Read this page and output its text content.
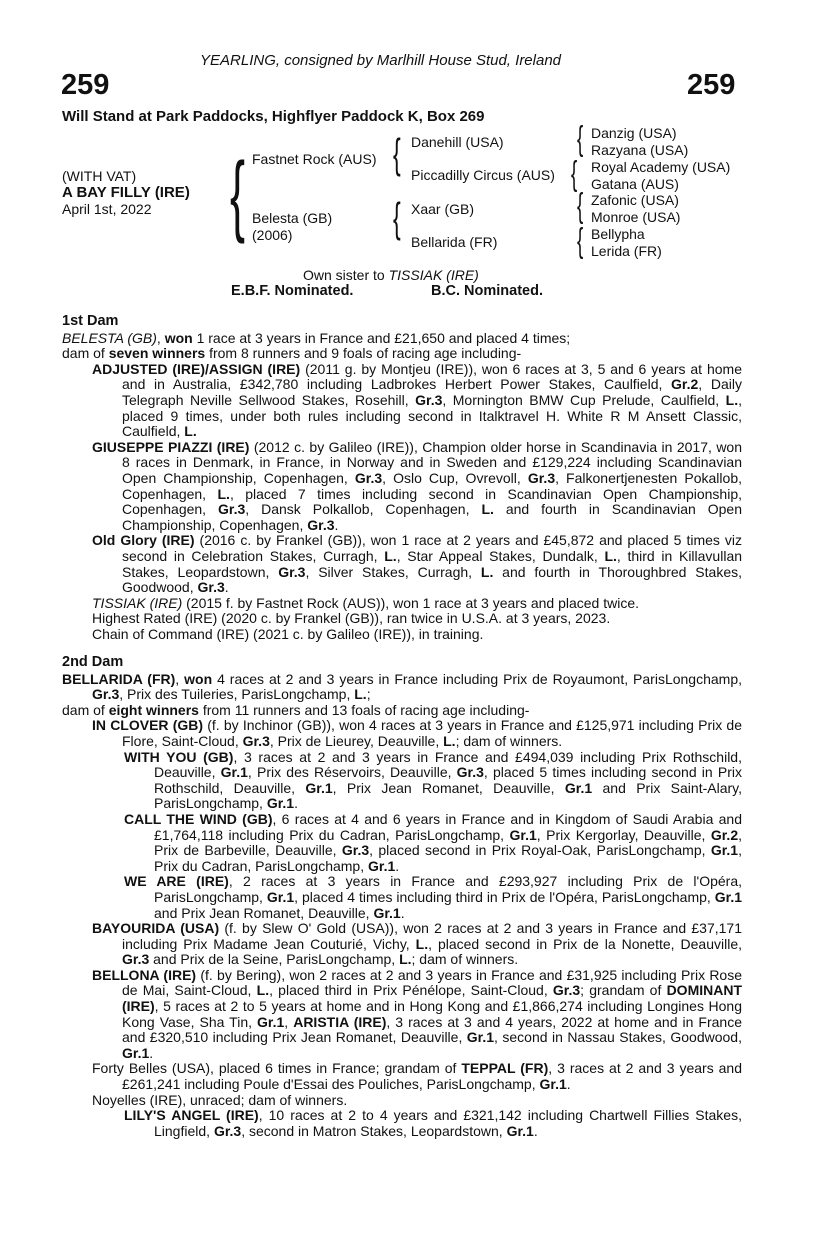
YEARLING, consigned by Marlhill House Stud, Ireland
259	259
Will Stand at Park Paddocks, Highflyer Paddock K, Box 269
(WITH VAT)
A BAY FILLY (IRE)
April 1st, 2022 {	{
{
{
{
{
{
Fastnet Rock (AUS)
Belesta (GB)
(2006)
Danehill (USA)
Piccadilly Circus (AUS)
Xaar (GB)
Bellarida (FR)
Danzig (USA)
Razyana (USA)
Royal Academy (USA)
Gatana (AUS)
Zafonic (USA)
Monroe (USA)
Bellypha
Lerida (FR)
Own sister to TISSIAK (IRE)
E.B.F. Nominated.	B.C. Nominated.

1st Dam

BELESTA (GB), won 1 race at 3 years in France and £21,650 and placed 4 times;

dam of seven winners from 8 runners and 9 foals of racing age including-

ADJUSTED (IRE)/ASSIGN (IRE) (2011 g. by Montjeu (IRE)), won 6 races at 3, 5 and 6 years at home and in Australia, £342,780 including Ladbrokes Herbert Power Stakes, Caulfield, Gr.2, Daily Telegraph Neville Sellwood Stakes, Rosehill, Gr.3, Mornington BMW Cup Prelude, Caulfield, L., placed 9 times, under both rules including second in Italktravel H. White R M Ansett Classic, Caulfield, L.

GIUSEPPE PIAZZI (IRE) (2012 c. by Galileo (IRE)), Champion older horse in Scandinavia in 2017, won 8 races in Denmark, in France, in Norway and in Sweden and £129,224 including Scandinavian Open Championship, Copenhagen, Gr.3, Oslo Cup, Ovrevoll, Gr.3, Falkonertjenesten Pokallob, Copenhagen, L., placed 7 times including second in Scandinavian Open Championship, Copenhagen, Gr.3, Dansk Polkallob, Copenhagen, L. and fourth in Scandinavian Open Championship, Copenhagen, Gr.3.

Old Glory (IRE) (2016 c. by Frankel (GB)), won 1 race at 2 years and £45,872 and placed 5 times viz second in Celebration Stakes, Curragh, L., Star Appeal Stakes, Dundalk, L., third in Killavullan Stakes, Leopardstown, Gr.3, Silver Stakes, Curragh, L. and fourth in Thoroughbred Stakes, Goodwood, Gr.3.

TISSIAK (IRE) (2015 f. by Fastnet Rock (AUS)), won 1 race at 3 years and placed twice.

Highest Rated (IRE) (2020 c. by Frankel (GB)), ran twice in U.S.A. at 3 years, 2023.

Chain of Command (IRE) (2021 c. by Galileo (IRE)), in training.

2nd Dam

BELLARIDA (FR), won 4 races at 2 and 3 years in France including Prix de Royaumont, ParisLongchamp, Gr.3, Prix des Tuileries, ParisLongchamp, L.;

dam of eight winners from 11 runners and 13 foals of racing age including-

IN CLOVER (GB) (f. by Inchinor (GB)), won 4 races at 3 years in France and £125,971 including Prix de Flore, Saint-Cloud, Gr.3, Prix de Lieurey, Deauville, L.; dam of winners.

WITH YOU (GB), 3 races at 2 and 3 years in France and £494,039 including Prix Rothschild, Deauville, Gr.1, Prix des Réservoirs, Deauville, Gr.3, placed 5 times including second in Prix Rothschild, Deauville, Gr.1, Prix Jean Romanet, Deauville, Gr.1 and Prix Saint-Alary, ParisLongchamp, Gr.1.

CALL THE WIND (GB), 6 races at 4 and 6 years in France and in Kingdom of Saudi Arabia and £1,764,118 including Prix du Cadran, ParisLongchamp, Gr.1, Prix Kergorlay, Deauville, Gr.2, Prix de Barbeville, Deauville, Gr.3, placed second in Prix Royal-Oak, ParisLongchamp, Gr.1, Prix du Cadran, ParisLongchamp, Gr.1.

WE ARE (IRE), 2 races at 3 years in France and £293,927 including Prix de l'Opéra, ParisLongchamp, Gr.1, placed 4 times including third in Prix de l'Opéra, ParisLongchamp, Gr.1 and Prix Jean Romanet, Deauville, Gr.1.

BAYOURIDA (USA) (f. by Slew O' Gold (USA)), won 2 races at 2 and 3 years in France and £37,171 including Prix Madame Jean Couturié, Vichy, L., placed second in Prix de la Nonette, Deauville, Gr.3 and Prix de la Seine, ParisLongchamp, L.; dam of winners.

BELLONA (IRE) (f. by Bering), won 2 races at 2 and 3 years in France and £31,925 including Prix Rose de Mai, Saint-Cloud, L., placed third in Prix Pénélope, Saint-Cloud, Gr.3; grandam of DOMINANT (IRE), 5 races at 2 to 5 years at home and in Hong Kong and £1,866,274 including Longines Hong Kong Vase, Sha Tin, Gr.1, ARISTIA (IRE), 3 races at 3 and 4 years, 2022 at home and in France and £320,510 including Prix Jean Romanet, Deauville, Gr.1, second in Nassau Stakes, Goodwood, Gr.1.

Forty Belles (USA), placed 6 times in France; grandam of TEPPAL (FR), 3 races at 2 and 3 years and £261,241 including Poule d'Essai des Pouliches, ParisLongchamp, Gr.1.

Noyelles (IRE), unraced; dam of winners.

LILY'S ANGEL (IRE), 10 races at 2 to 4 years and £321,142 including Chartwell Fillies Stakes, Lingfield, Gr.3, second in Matron Stakes, Leopardstown, Gr.1.
